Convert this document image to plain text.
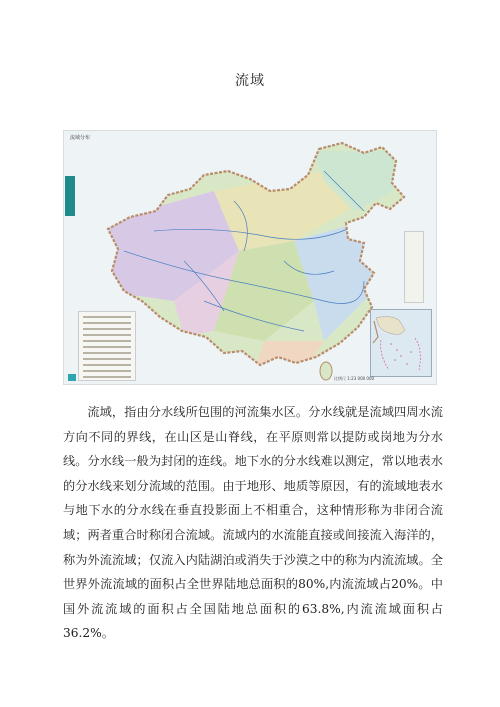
流域
流域分布
比例尺 1:23 000 000

流域，指由分水线所包围的河流集水区。分水线就是流域四周水流方向不同的界线，在山区是山脊线，在平原则常以提防或岗地为分水线。分水线一般为封闭的连线。地下水的分水线难以测定，常以地表水的分水线来划分流域的范围。由于地形、地质等原因，有的流域地表水与地下水的分水线在垂直投影面上不相重合，这种情形称为非闭合流域；两者重合时称闭合流域。流域内的水流能直接或间接流入海洋的，称为外流流域；仅流入内陆湖泊或消失于沙漠之中的称为内流流域。全世界外流流域的面积占全世界陆地总面积的80%,内流流域占20%。中国外流流域的面积占全国陆地总面积的63.8%,内流流域面积占36.2%。
